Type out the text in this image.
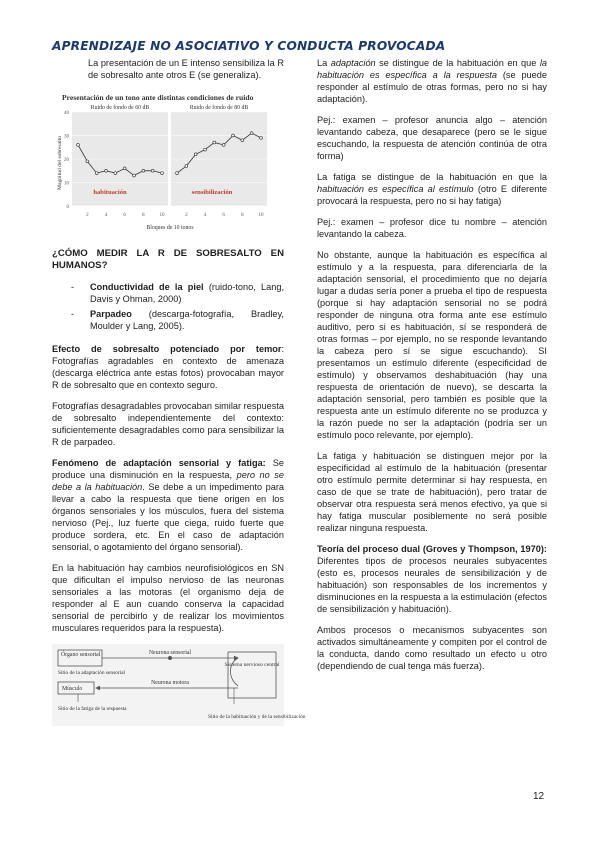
APRENDIZAJE NO ASOCIATIVO Y CONDUCTA PROVOCADA

La presentación de un E intenso sensibiliza la R de sobresalto ante otros E (se generaliza).

Presentación de un tono ante distintas condiciones de ruido
Ruido de fondo de 60 dB	Ruido de fondo de 80 dB
Magnitud del sobresalto
Bloques de 10 tonos
habituación	sensibilización
0
10
20
30
40
2	4	6	8	10	2	4	6	8	10
¿CÓMO MEDIR LA R DE SOBRESALTO EN HUMANOS?
- Conductividad de la piel (ruido-tono, Lang, Davis y Ohman, 2000)
- Parpadeo (descarga-fotografía, Bradley, Moulder y Lang, 2005).

Efecto de sobresalto potenciado por temor: Fotografías agradables en contexto de amenaza (descarga eléctrica ante estas fotos) provocaban mayor R de sobresalto que en contexto seguro.

Fotografías desagradables provocaban similar respuesta de sobresalto independientemente del contexto: suficientemente desagradables como para sensibilizar la R de parpadeo.

Fenómeno de adaptación sensorial y fatiga: Se produce una disminución en la respuesta, pero no se debe a la habituación. Se debe a un impedimento para llevar a cabo la respuesta que tiene origen en los órganos sensoriales y los músculos, fuera del sistema nervioso (Pej., luz fuerte que ciega, ruido fuerte que produce sordera, etc. En el caso de adaptación sensorial, o agotamiento del órgano sensorial).

En la habituación hay cambios neurofisiológicos en SN que dificultan el impulso nervioso de las neuronas sensoriales a las motoras (el organismo deja de responder al E aun cuando conserva la capacidad sensorial de percibirlo y de realizar los movimientos musculares requeridos para la respuesta).

Órgano sensorial
Sitio de la adaptación sensorial
Neurona sensorial
Sistema nervioso central
Músculo
Neurona motora
Sitio de la fatiga de la respuesta
Sitio de la habituación y de la sensibilización

La adaptación se distingue de la habituación en que la habituación es específica a la respuesta (se puede responder al estímulo de otras formas, pero no si hay adaptación).

Pej.: examen – profesor anuncia algo – atención levantando cabeza, que desaparece (pero se le sigue escuchando, la respuesta de atención continúa de otra forma)

La fatiga se distingue de la habituación en que la habituación es específica al estímulo (otro E diferente provocará la respuesta, pero no si hay fatiga)

Pej.: examen – profesor dice tu nombre – atención levantando la cabeza.

No obstante, aunque la habituación es específica al estímulo y a la respuesta, para diferenciarla de la adaptación sensorial, el procedimiento que no dejaría lugar a dudas sería poner a prueba el tipo de respuesta (porque si hay adaptación sensorial no se podrá responder de ninguna otra forma ante ese estímulo auditivo, pero si es habituación, sí se responderá de otras formas – por ejemplo, no se responde levantando la cabeza pero sí se sigue escuchando). SI presentamos un estímulo diferente (especificidad de estímulo) y observamos deshabituación (hay una respuesta de orientación de nuevo), se descarta la adaptación sensorial, pero también es posible que la respuesta ante un estímulo diferente no se produzca y la razón puede no ser la adaptación (podría ser un estímulo poco relevante, por ejemplo).

La fatiga y habituación se distinguen mejor por la especificidad al estímulo de la habituación (presentar otro estímulo permite determinar si hay respuesta, en caso de que se trate de habituación), pero tratar de observar otra respuesta será menos efectivo, ya que si hay fatiga muscular posiblemente no será posible realizar ninguna respuesta.

Teoría del proceso dual (Groves y Thompson, 1970): Diferentes tipos de procesos neurales subyacentes (esto es, procesos neurales de sensibilización y de habituación) son responsables de los incrementos y disminuciones en la respuesta a la estimulación (efectos de sensibilización y habituación).

Ambos procesos o mecanismos subyacentes son activados simultáneamente y compiten por el control de la conducta, dando como resultado un efecto u otro (dependiendo de cual tenga más fuerza).

12
